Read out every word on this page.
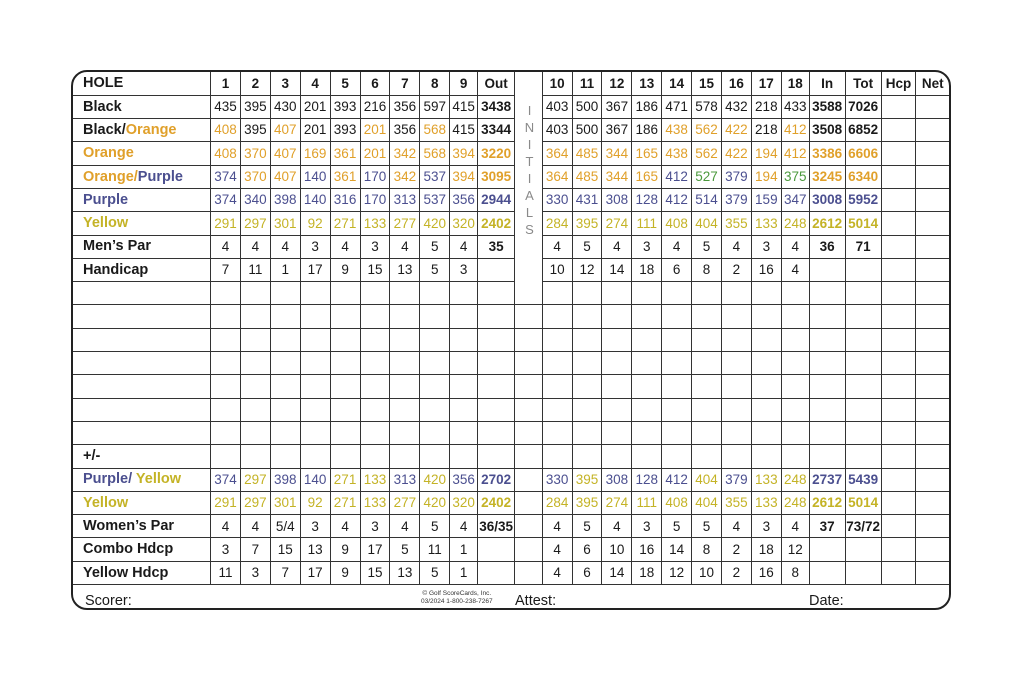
HOLE	1	2	3	4	5	6	7	8	9	Out		10	11	12	13	14	15	16	17	18	In	Tot	Hcp	Net
Black	435	395	430	201	393	216	356	597	415	3438		403	500	367	186	471	578	432	218	433	3588	7026		
Black/Orange	408	395	407	201	393	201	356	568	415	3344		403	500	367	186	438	562	422	218	412	3508	6852		
Orange	408	370	407	169	361	201	342	568	394	3220		364	485	344	165	438	562	422	194	412	3386	6606		
Orange/Purple	374	370	407	140	361	170	342	537	394	3095		364	485	344	165	412	527	379	194	375	3245	6340		
Purple	374	340	398	140	316	170	313	537	356	2944		330	431	308	128	412	514	379	159	347	3008	5952		
Yellow	291	297	301	92	271	133	277	420	320	2402		284	395	274	111	408	404	355	133	248	2612	5014		
Men’s Par	4	4	4	3	4	3	4	5	4	35		4	5	4	3	4	5	4	3	4	36	71		
Handicap	7	11	1	17	9	15	13	5	3			10	12	14	18	6	8	2	16	4				

+/-																								
Purple/ Yellow	374	297	398	140	271	133	313	420	356	2702		330	395	308	128	412	404	379	133	248	2737	5439		
Yellow	291	297	301	92	271	133	277	420	320	2402		284	395	274	111	408	404	355	133	248	2612	5014		
Women’s Par	4	4	5/4	3	4	3	4	5	4	36/35		4	5	4	3	5	5	4	3	4	37	73/72		
Combo Hdcp	3	7	15	13	9	17	5	11	1			4	6	10	16	14	8	2	18	12				
Yellow Hdcp	11	3	7	17	9	15	13	5	1			4	6	14	18	12	10	2	16	8				
I
N
I
T
I
A
L
S
Scorer:	© Golf ScoreCards, Inc.
03/2024 1-800-238-7267 Attest:	Date:
